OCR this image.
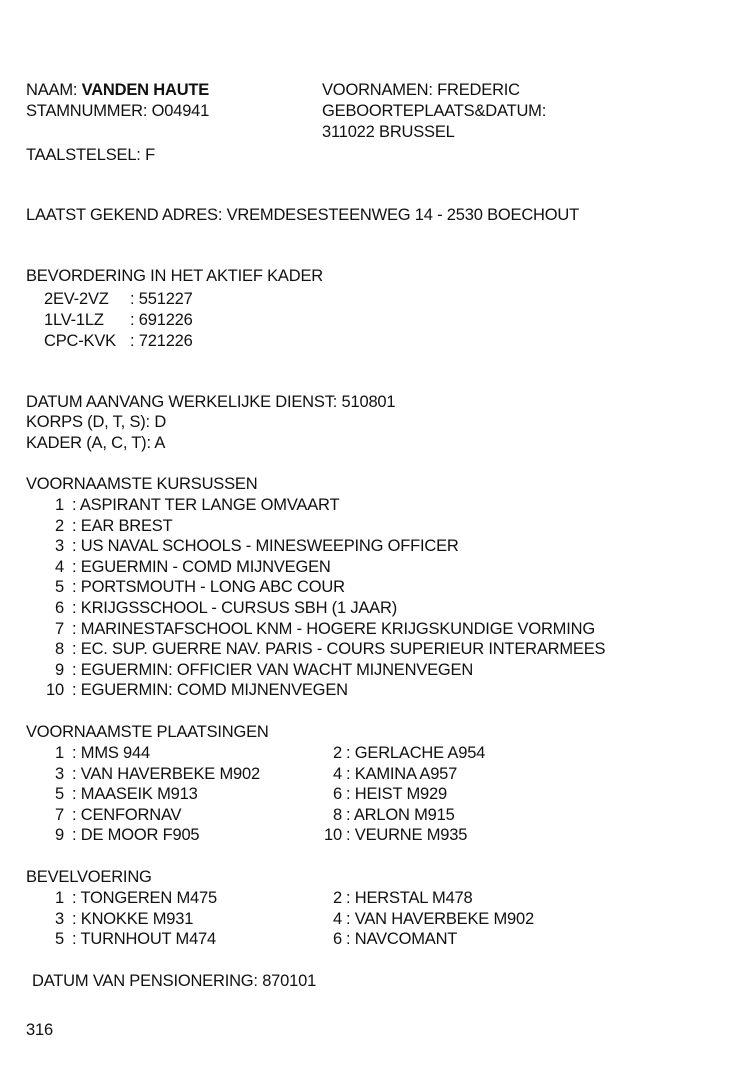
NAAM: VANDEN HAUTE	VOORNAMEN: FREDERIC
STAMNUMMER: O04941	GEBOORTEPLAATS&DATUM:
311022 BRUSSEL
TAALSTELSEL: F
LAATST GEKEND ADRES: VREMDESESTEENWEG 14 - 2530 BOECHOUT
BEVORDERING IN HET AKTIEF KADER
2EV-2VZ : 551227
1LV-1LZ : 691226
CPC-KVK : 721226
DATUM AANVANG WERKELIJKE DIENST: 510801
KORPS (D, T, S): D
KADER (A, C, T): A
VOORNAAMSTE KURSUSSEN
1 : ASPIRANT TER LANGE OMVAART
2 : EAR BREST
3 : US NAVAL SCHOOLS - MINESWEEPING OFFICER
4 : EGUERMIN - COMD MIJNVEGEN
5 : PORTSMOUTH - LONG ABC COUR
6 : KRIJGSSCHOOL - CURSUS SBH (1 JAAR)
7 : MARINESTAFSCHOOL KNM - HOGERE KRIJGSKUNDIGE VORMING
8 : EC. SUP. GUERRE NAV. PARIS - COURS SUPERIEUR INTERARMEES
9 : EGUERMIN: OFFICIER VAN WACHT MIJNENVEGEN
10 : EGUERMIN: COMD MIJNENVEGEN
VOORNAAMSTE PLAATSINGEN
1 : MMS 944	2 : GERLACHE A954
3 : VAN HAVERBEKE M902	4 : KAMINA A957
5 : MAASEIK M913	6 : HEIST M929
7 : CENFORNAV	8 : ARLON M915
9 : DE MOOR F905	10 : VEURNE M935
BEVELVOERING
1 : TONGEREN M475	2 : HERSTAL M478
3 : KNOKKE M931	4 : VAN HAVERBEKE M902
5 : TURNHOUT M474	6 : NAVCOMANT
DATUM VAN PENSIONERING: 870101
316
